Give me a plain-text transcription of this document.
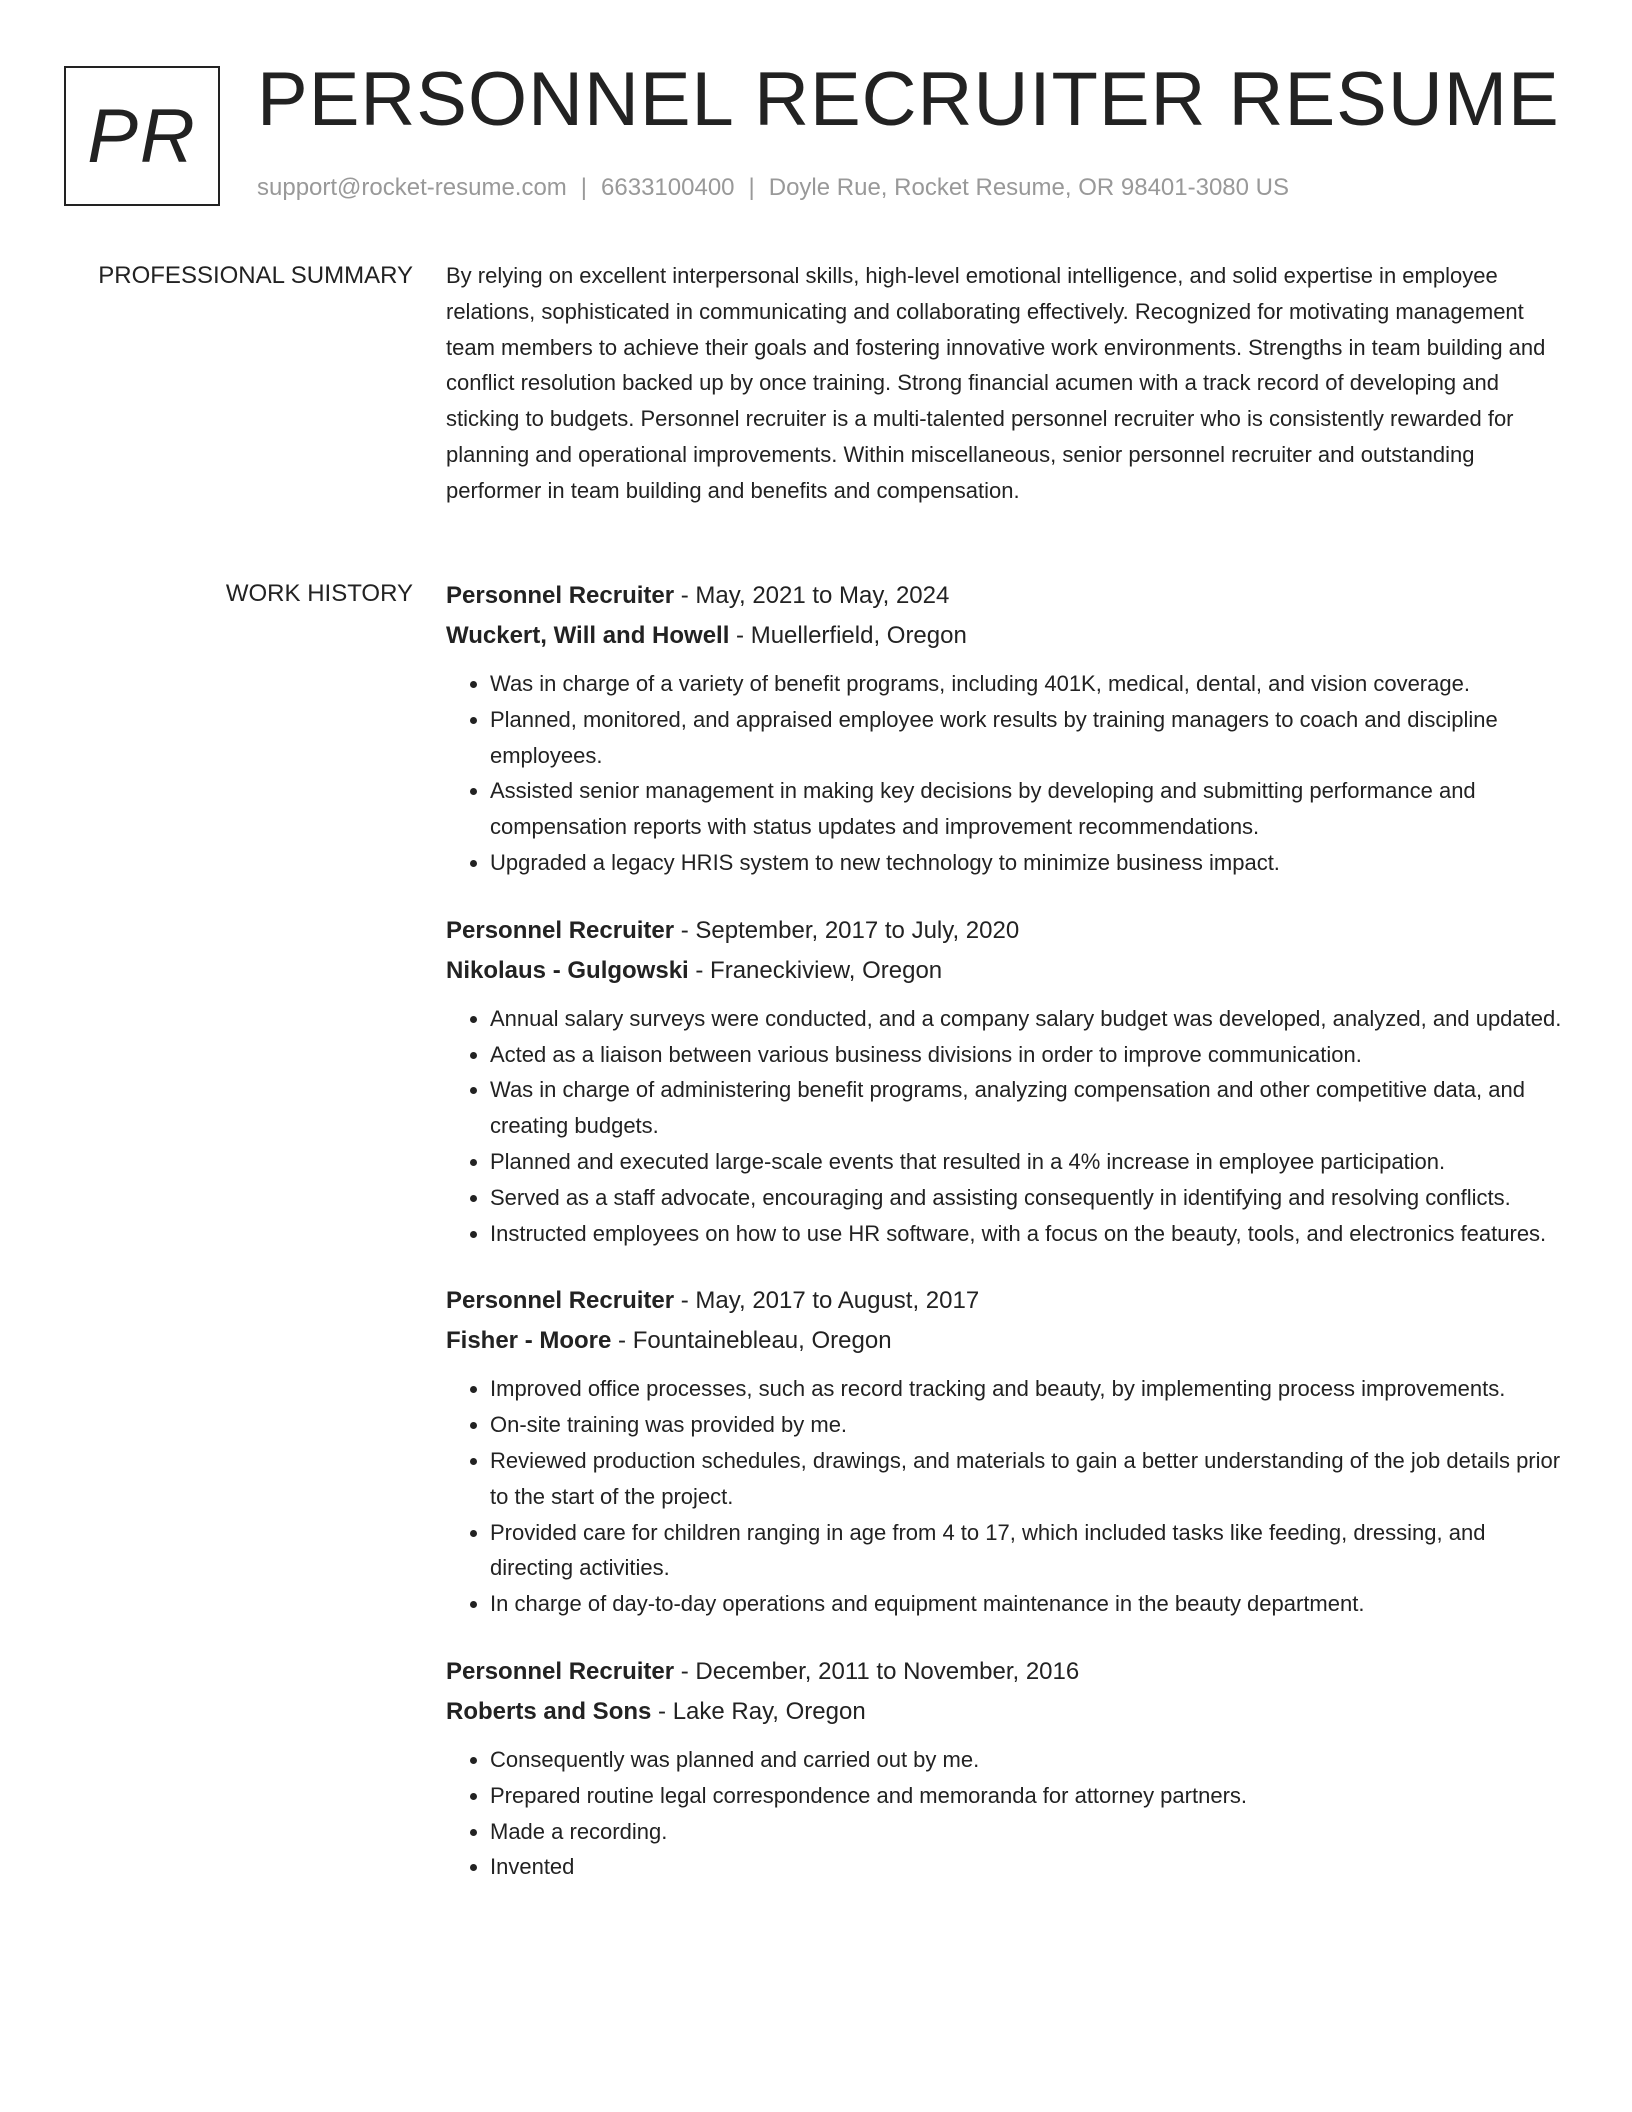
PR PERSONNEL RECRUITER RESUME
support@rocket-resume.com | 6633100400 | Doyle Rue, Rocket Resume, OR 98401-3080 US
PROFESSIONAL SUMMARY By relying on excellent interpersonal skills, high-level emotional intelligence, and solid expertise in employee relations, sophisticated in communicating and collaborating effectively. Recognized for motivating management team members to achieve their goals and fostering innovative work environments. Strengths in team building and conflict resolution backed up by once training. Strong financial acumen with a track record of developing and sticking to budgets. Personnel recruiter is a multi-talented personnel recruiter who is consistently rewarded for planning and operational improvements. Within miscellaneous, senior personnel recruiter and outstanding performer in team building and benefits and compensation.

WORK HISTORY Personnel Recruiter - May, 2021 to May, 2024
Wuckert, Will and Howell - Muellerfield, Oregon
• Was in charge of a variety of benefit programs, including 401K, medical, dental, and vision coverage.
• Planned, monitored, and appraised employee work results by training managers to coach and discipline employees.
• Assisted senior management in making key decisions by developing and submitting performance and compensation reports with status updates and improvement recommendations.
• Upgraded a legacy HRIS system to new technology to minimize business impact.
Personnel Recruiter - September, 2017 to July, 2020
Nikolaus - Gulgowski - Franeckiview, Oregon
• Annual salary surveys were conducted, and a company salary budget was developed, analyzed, and updated.
• Acted as a liaison between various business divisions in order to improve communication.
• Was in charge of administering benefit programs, analyzing compensation and other competitive data, and creating budgets.
• Planned and executed large-scale events that resulted in a 4% increase in employee participation.
• Served as a staff advocate, encouraging and assisting consequently in identifying and resolving conflicts.
• Instructed employees on how to use HR software, with a focus on the beauty, tools, and electronics features.
Personnel Recruiter - May, 2017 to August, 2017
Fisher - Moore - Fountainebleau, Oregon
• Improved office processes, such as record tracking and beauty, by implementing process improvements.
• On-site training was provided by me.
• Reviewed production schedules, drawings, and materials to gain a better understanding of the job details prior to the start of the project.
• Provided care for children ranging in age from 4 to 17, which included tasks like feeding, dressing, and directing activities.
• In charge of day-to-day operations and equipment maintenance in the beauty department.
Personnel Recruiter - December, 2011 to November, 2016
Roberts and Sons - Lake Ray, Oregon
• Consequently was planned and carried out by me.
• Prepared routine legal correspondence and memoranda for attorney partners.
• Made a recording.
• Invented
